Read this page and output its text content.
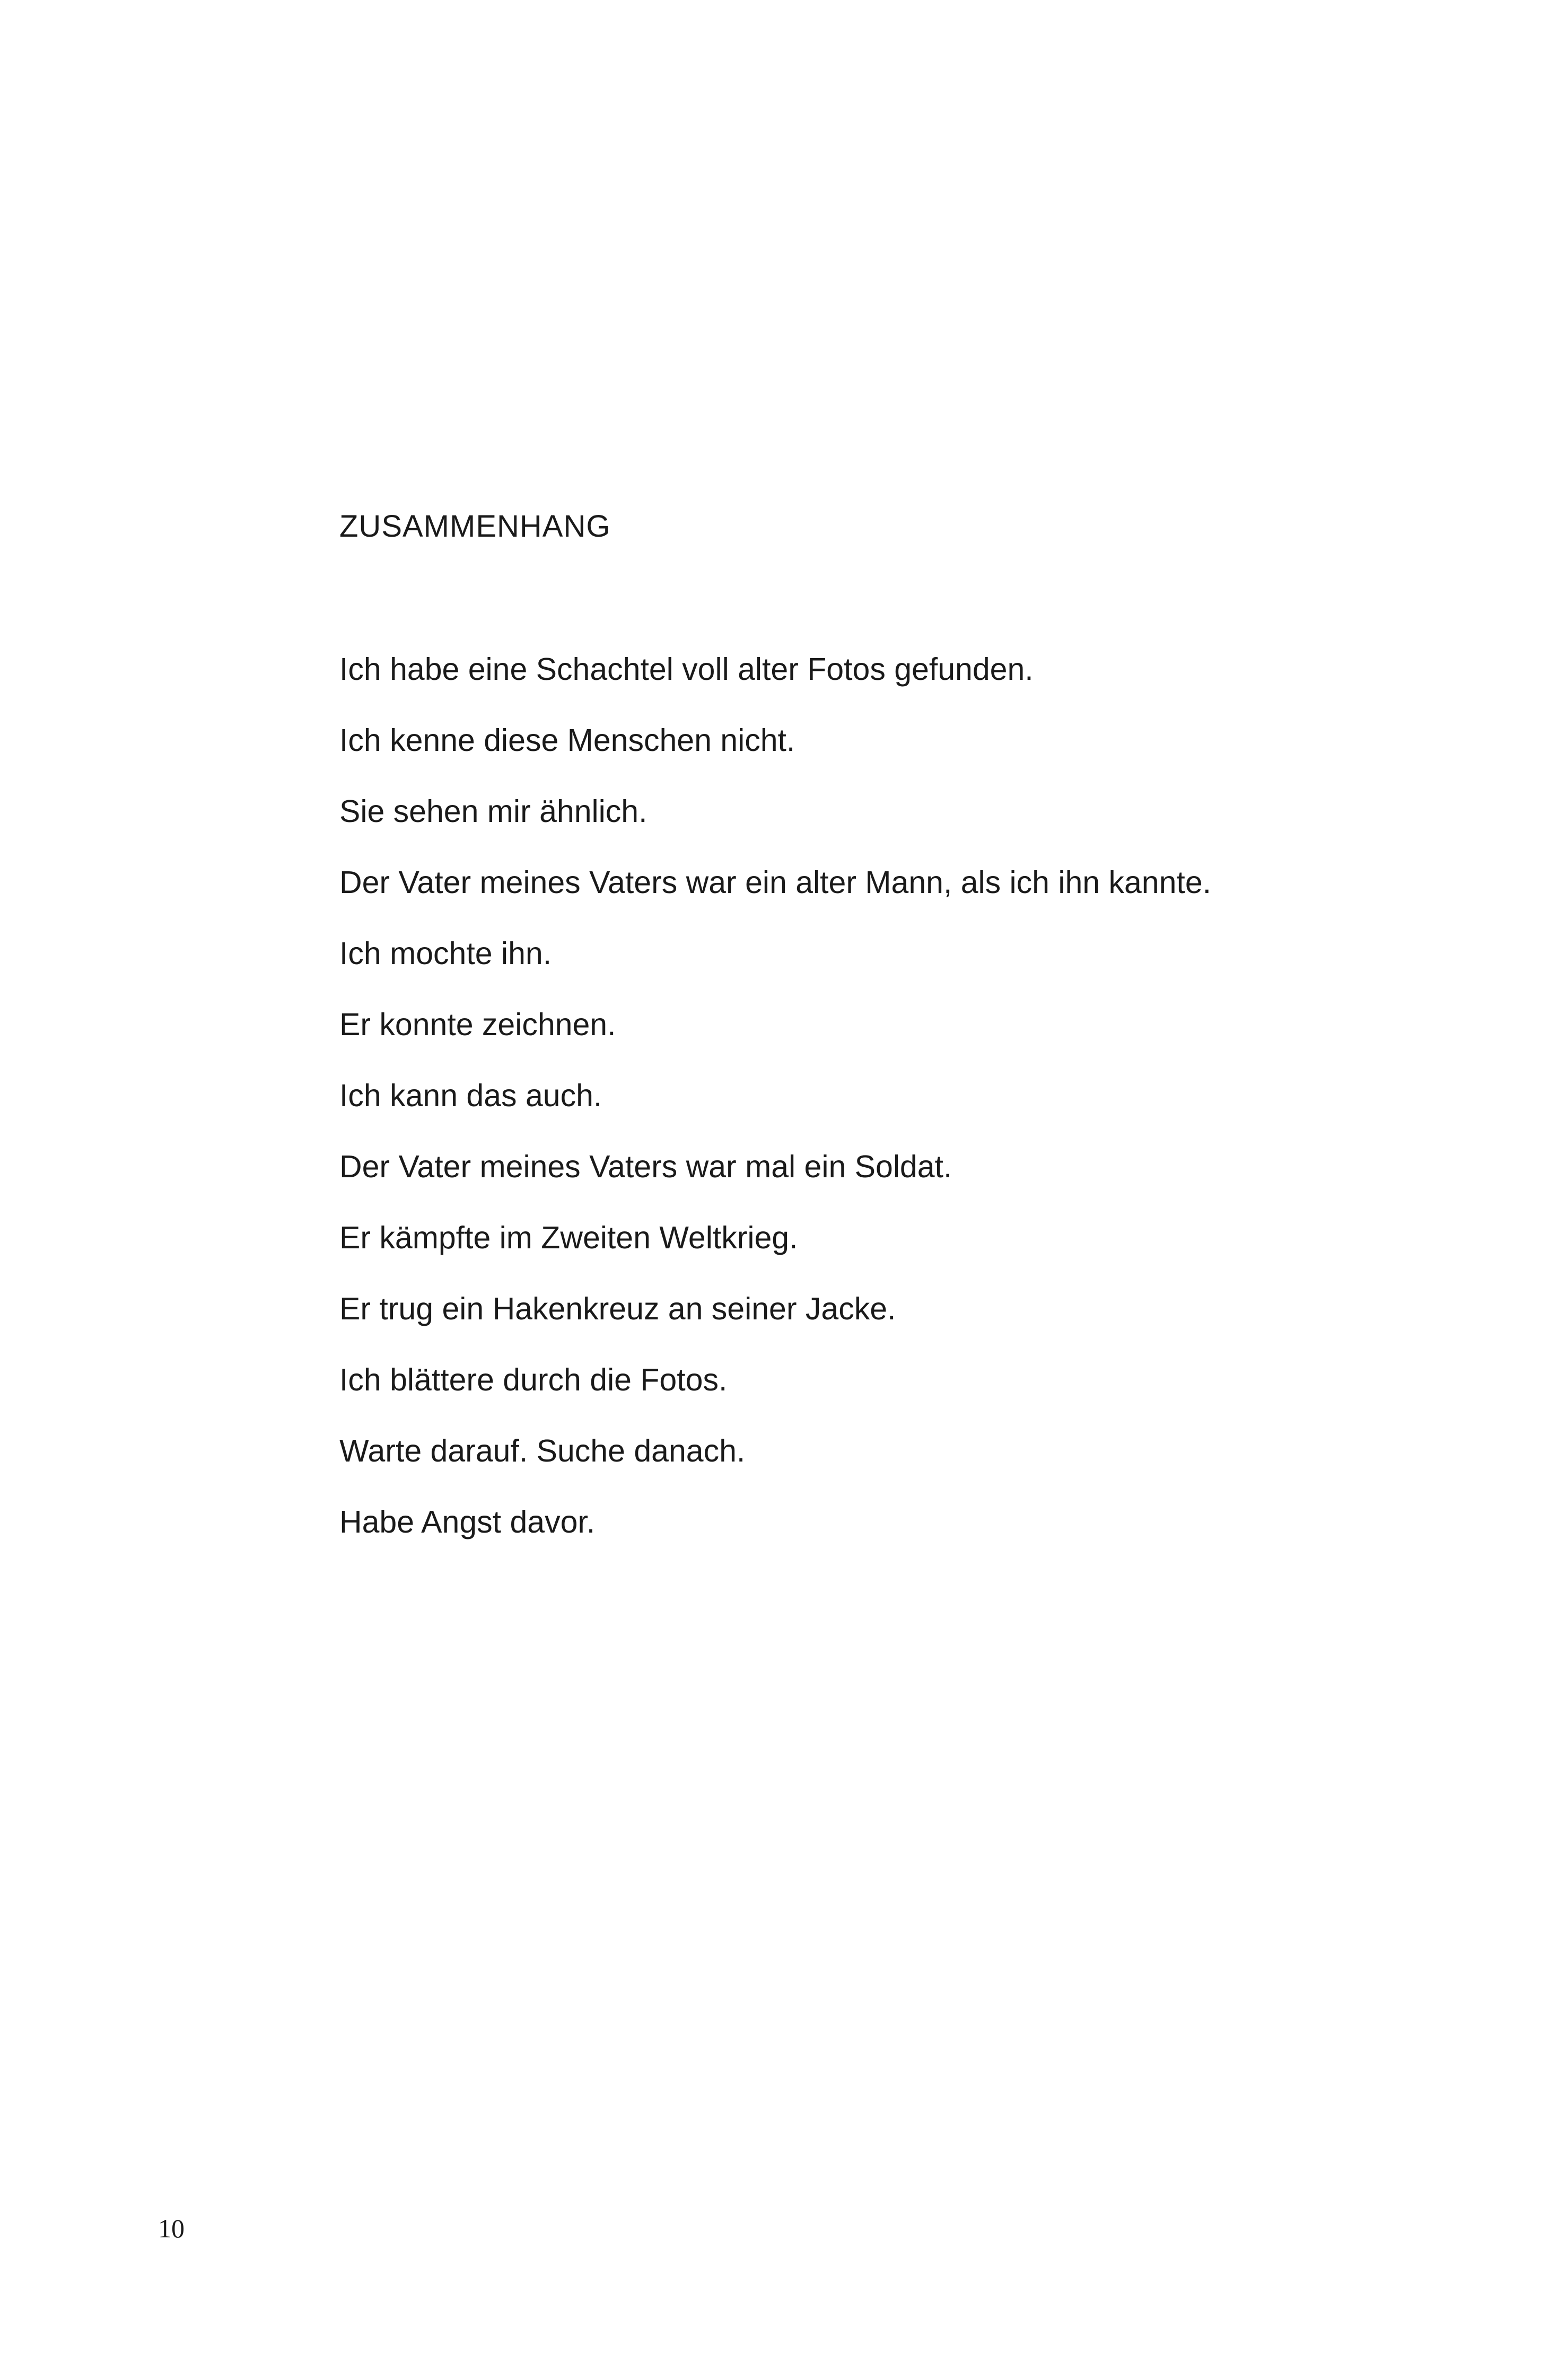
ZUSAMMENHANG
Ich habe eine Schachtel voll alter Fotos gefunden.
Ich kenne diese Menschen nicht.
Sie sehen mir ähnlich.
Der Vater meines Vaters war ein alter Mann, als ich ihn kannte.
Ich mochte ihn.
Er konnte zeichnen.
Ich kann das auch.
Der Vater meines Vaters war mal ein Soldat.
Er kämpfte im Zweiten Weltkrieg.
Er trug ein Hakenkreuz an seiner Jacke.
Ich blättere durch die Fotos.
Warte darauf. Suche danach.
Habe Angst davor.

10
